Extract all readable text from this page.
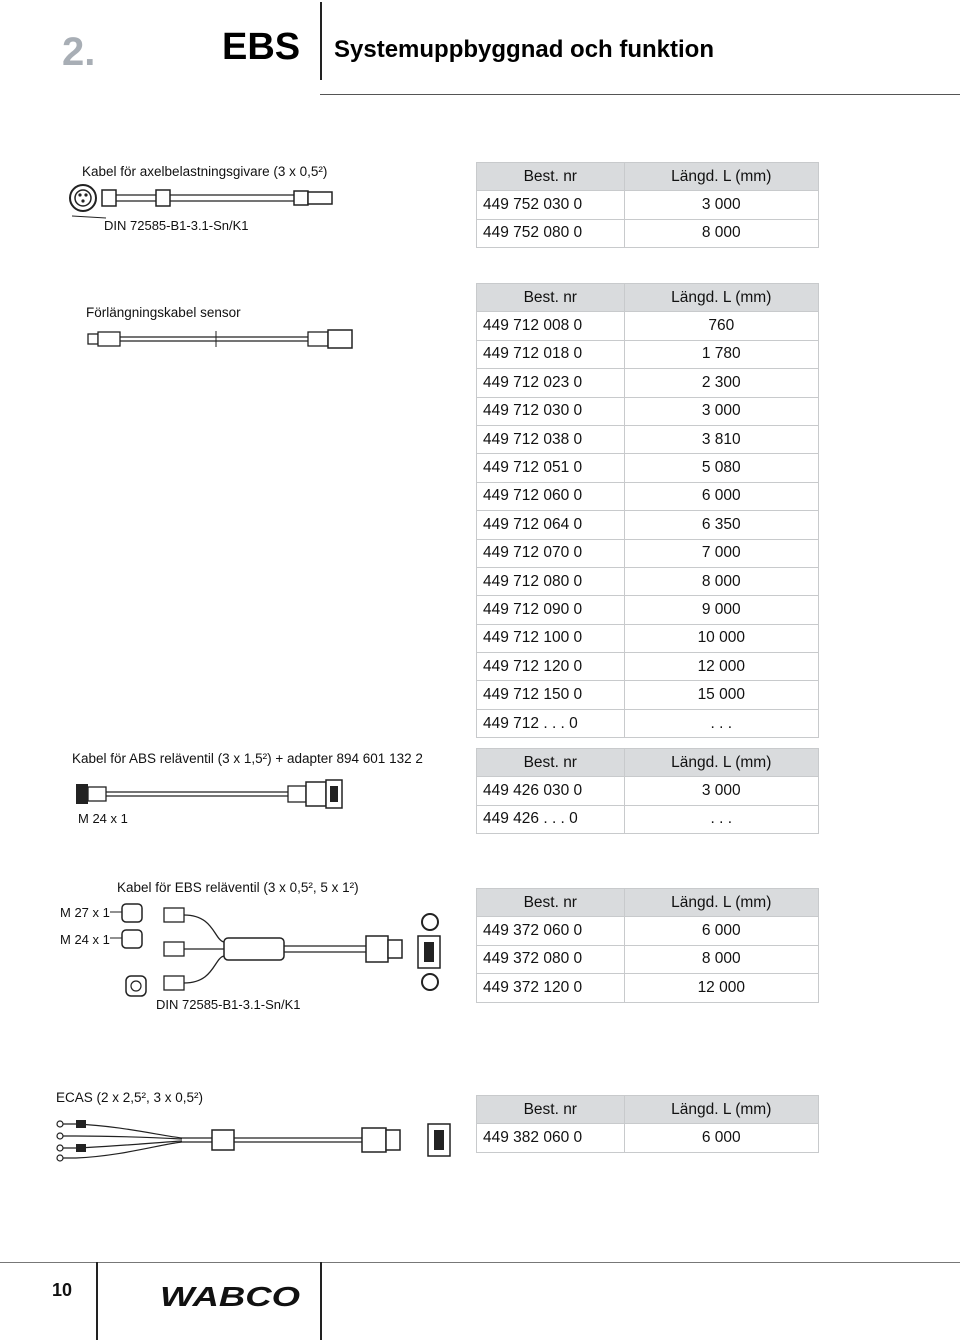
2.	EBS Systemuppbyggnad och funktion
Kabel för axelbelastningsgivare (3 x 0,5²)
DIN 72585-B1-3.1-Sn/K1
Best. nr	Längd. L (mm)
449 752 030 0	3 000
449 752 080 0	8 000
Förlängningskabel sensor
Best. nr	Längd. L (mm)
449 712 008 0	760
449 712 018 0	1 780
449 712 023 0	2 300
449 712 030 0	3 000
449 712 038 0	3 810
449 712 051 0	5 080
449 712 060 0	6 000
449 712 064 0	6 350
449 712 070 0	7 000
449 712 080 0	8 000
449 712 090 0	9 000
449 712 100 0	10 000
449 712 120 0	12 000
449 712 150 0	15 000
449 712 . . . 0	. . .
Kabel för ABS reläventil (3 x 1,5²) + adapter 894 601 132 2
M 24 x 1
Best. nr	Längd. L (mm)
449 426 030 0	3 000
449 426 . . . 0	. . .
Kabel för EBS reläventil (3 x 0,5², 5 x 1²)
M 27 x 1
M 24 x 1
DIN 72585-B1-3.1-Sn/K1
Best. nr	Längd. L (mm)
449 372 060 0	6 000
449 372 080 0	8 000
449 372 120 0	12 000
ECAS (2 x 2,5², 3 x 0,5²)
Best. nr	Längd. L (mm)
449 382 060 0	6 000
10	WABCO
